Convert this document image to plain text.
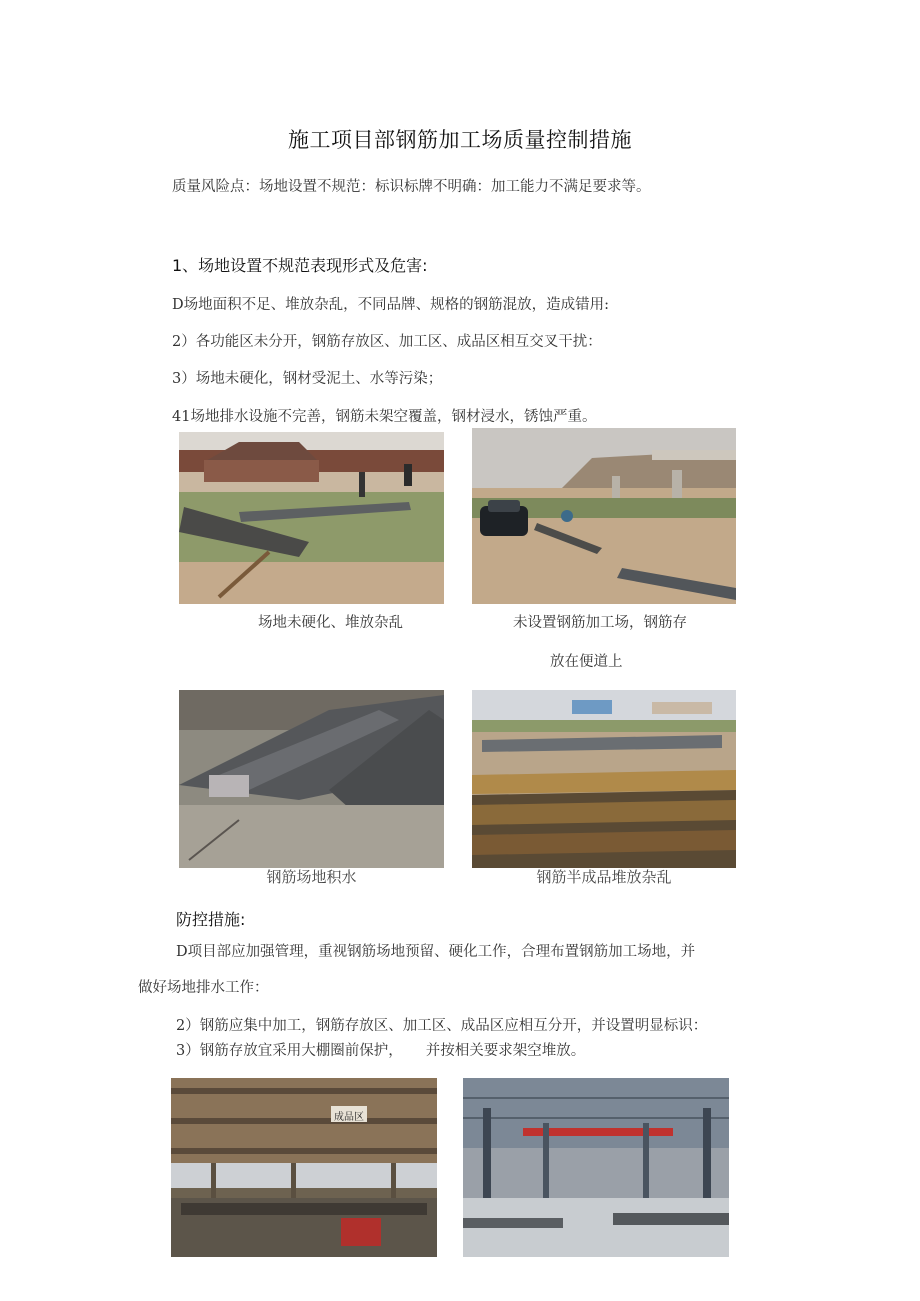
施工项目部钢筋加工场质量控制措施
质量风险点：场地设置不规范：标识标牌不明确：加工能力不满足要求等。
1、场地设置不规范表现形式及危害:
D场地面积不足、堆放杂乱，不同品牌、规格的钢筋混放，造成错用:
2）各功能区未分开，钢筋存放区、加工区、成品区相互交叉干扰：
3）场地未硬化，钢材受泥土、水等污染；
41场地排水设施不完善，钢筋未架空覆盖，钢材浸水，锈蚀严重。
场地未硬化、堆放杂乱	未设置钢筋加工场，钢筋存
放在便道上
钢筋场地积水	钢筋半成品堆放杂乱
防控措施:
D项目部应加强管理，重视钢筋场地预留、硬化工作，合理布置钢筋加工场地，并
做好场地排水工作：
2）钢筋应集中加工，钢筋存放区、加工区、成品区应相互分开，并设置明显标识：
3）钢筋存放宜采用大棚圈前保护，     并按相关要求架空堆放。
成品区
